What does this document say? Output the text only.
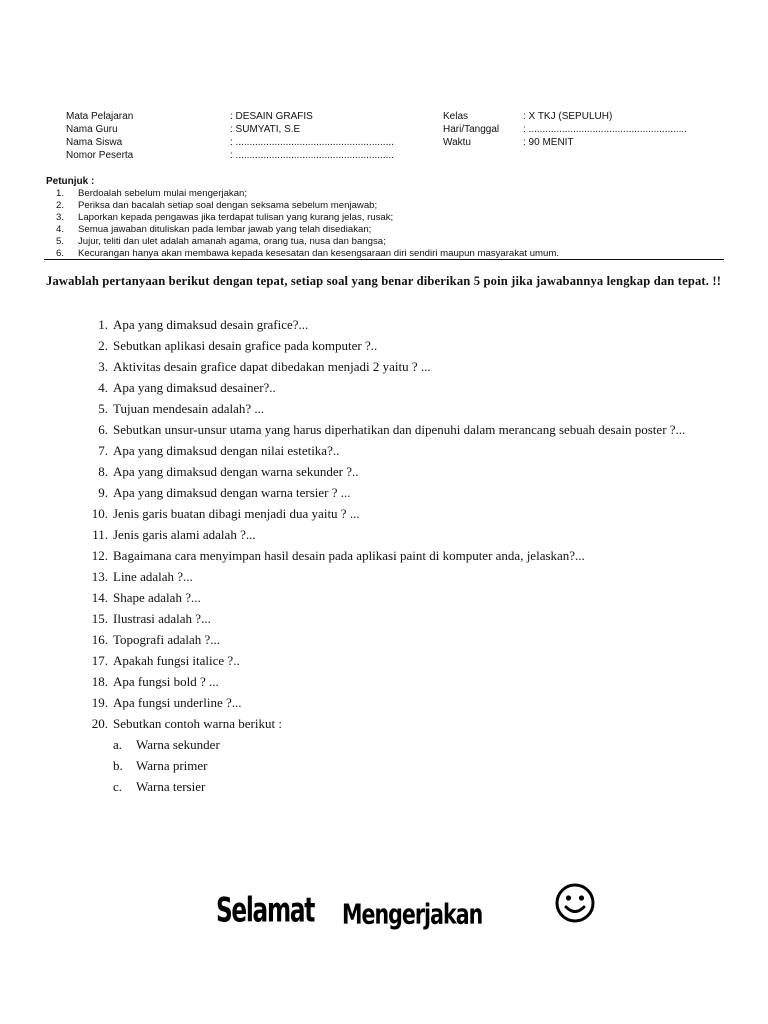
Mata Pelajaran	: DESAIN GRAFIS
Nama Guru	: SUMYATI, S.E
Nama Siswa	: .........................................................
Nomor Peserta	: .........................................................
Kelas	: X TKJ (SEPULUH)
Hari/Tanggal : .........................................................
Waktu	: 90 MENIT
Petunjuk :
1.	Berdoalah sebelum mulai mengerjakan;
2.	Periksa dan bacalah setiap soal dengan seksama sebelum menjawab;
3.	Laporkan kepada pengawas jika terdapat tulisan yang kurang jelas, rusak;
4.	Semua jawaban dituliskan pada lembar jawab yang telah disediakan;
5.	Jujur, teliti dan ulet adalah amanah agama, orang tua, nusa dan bangsa;
6.	Kecurangan hanya akan membawa kepada kesesatan dan kesengsaraan diri sendiri maupun masyarakat umum.
Jawablah pertanyaan berikut dengan tepat, setiap soal yang benar diberikan 5 poin jika jawabannya lengkap dan tepat. !!
1. Apa yang dimaksud desain grafice?...
2. Sebutkan aplikasi desain grafice pada komputer ?..
3. Aktivitas desain grafice dapat dibedakan menjadi 2 yaitu ? ...
4. Apa yang dimaksud desainer?..
5. Tujuan mendesain adalah? ...
6. Sebutkan unsur-unsur utama yang harus diperhatikan dan dipenuhi dalam merancang sebuah desain poster ?...
7. Apa yang dimaksud dengan nilai estetika?..
8. Apa yang dimaksud dengan warna sekunder ?..
9. Apa yang dimaksud dengan warna tersier ? ...
10. Jenis garis buatan dibagi menjadi dua yaitu ? ...
11. Jenis garis alami adalah ?...
12. Bagaimana cara menyimpan hasil desain pada aplikasi paint di komputer anda, jelaskan?...
13. Line adalah ?...
14. Shape adalah ?...
15. Ilustrasi adalah ?...
16. Topografi adalah ?...
17. Apakah fungsi italice ?..
18. Apa fungsi bold ? ...
19. Apa fungsi underline ?...
20. Sebutkan contoh warna berikut :
a. Warna sekunder
b. Warna primer
c. Warna tersier
Selamat Mengerjakan
